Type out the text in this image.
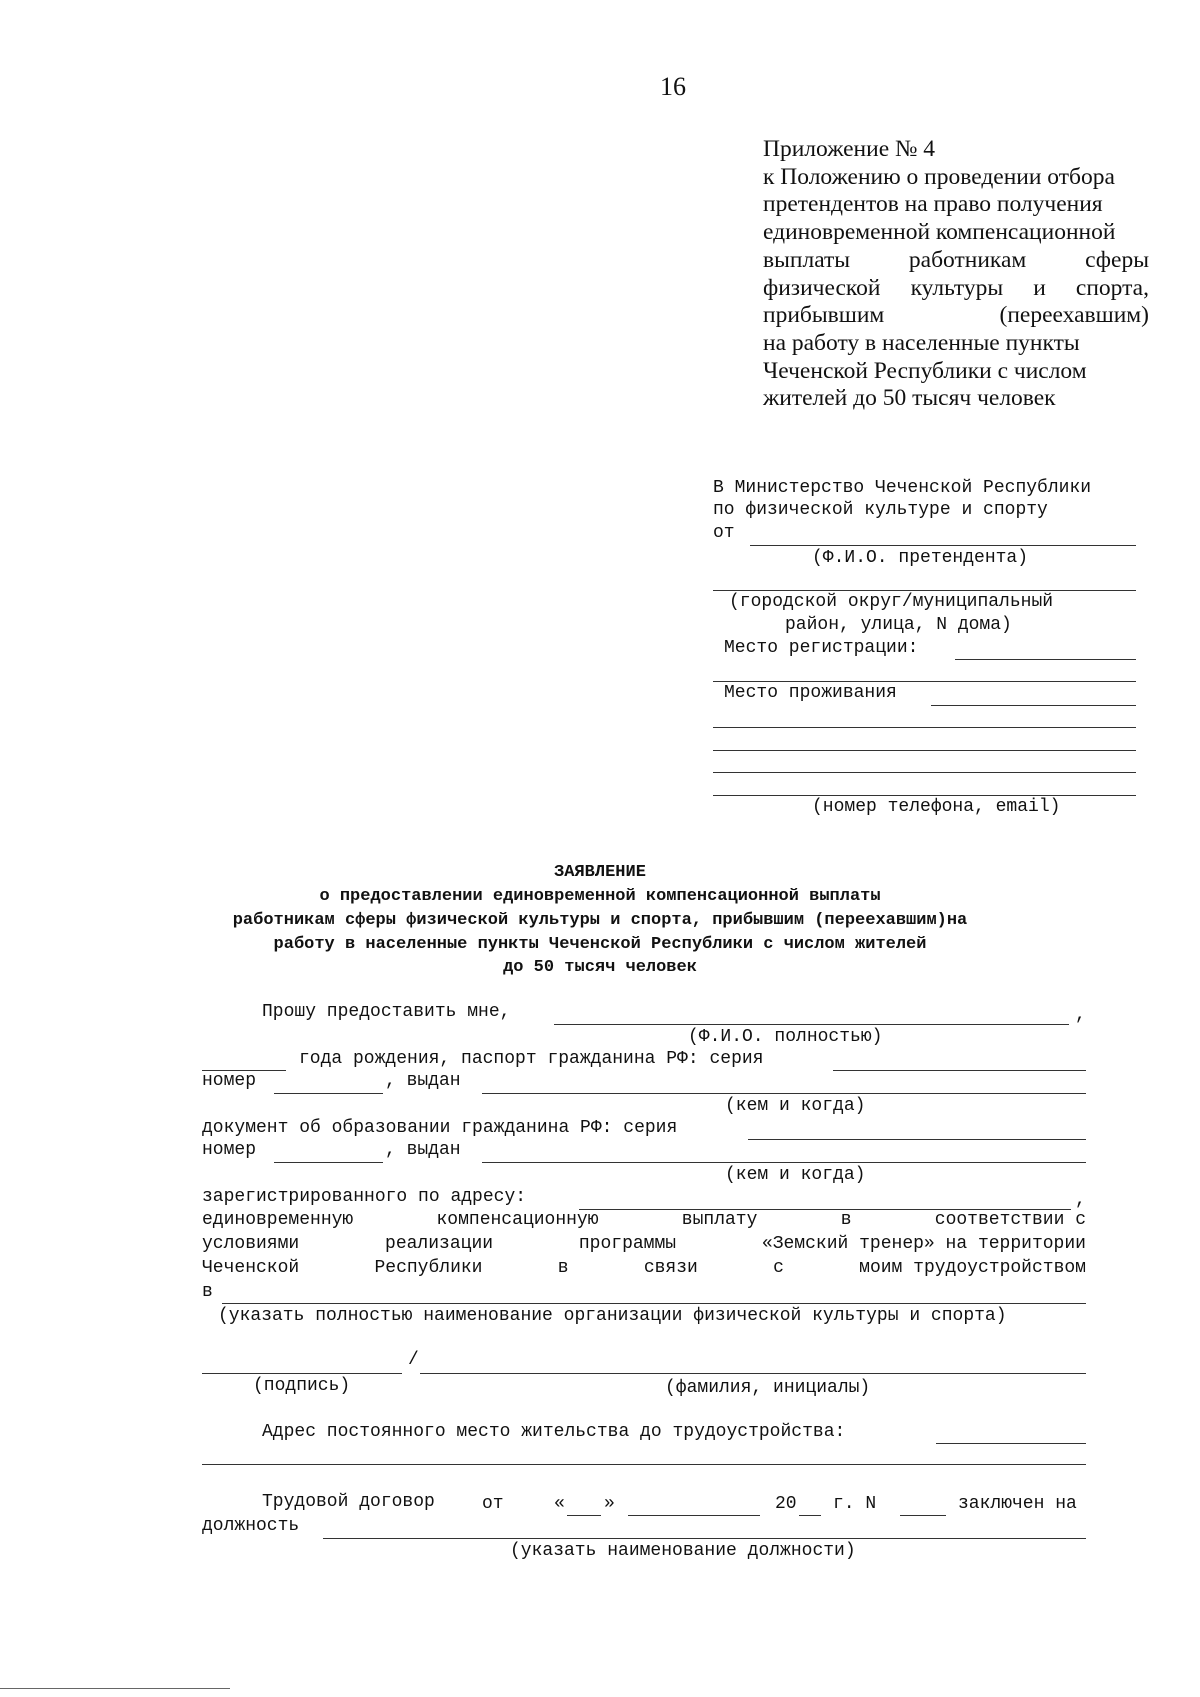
16
Приложение № 4
к Положению о проведении отбора
претендентов на право получения
единовременной компенсационной
выплаты	работникам	сферы
физической культуры и спорта,
прибывшим	(переехавшим)
на работу в населенные пункты
Чеченской Республики с числом
жителей до 50 тысяч человек
В Министерство Чеченской Республики
по физической культуре и спорту
от
(Ф.И.О. претендента)
(городской округ/муниципальный
район, улица, N дома)
Место регистрации:
Место проживания
(номер телефона, email)
ЗАЯВЛЕНИЕ
о предоставлении единовременной компенсационной выплаты
работникам сферы физической культуры и спорта, прибывшим (переехавшим)на
работу в населенные пункты Чеченской Республики с числом жителей
до 50 тысяч человек
Прошу предоставить мне,	,
(Ф.И.О. полностью)
года рождения, паспорт гражданина РФ: серия
номер	, выдан
(кем и когда)
документ об образовании гражданина РФ: серия
номер	, выдан
(кем и когда)
зарегистрированного по адресу:	,
единовременную	компенсационную	выплату	в	соответствии с
условиями	реализации	программы	«Земский тренер» на территории
Чеченской	Республики	в	связи	с	моим трудоустройством
в
(указать полностью наименование организации физической культуры и спорта)
/
(подпись)	(фамилия, инициалы)
Адрес постоянного место жительства до трудоустройства:
Трудовой договор	от	« »	20 г. N	заключен на
должность
(указать наименование должности)
